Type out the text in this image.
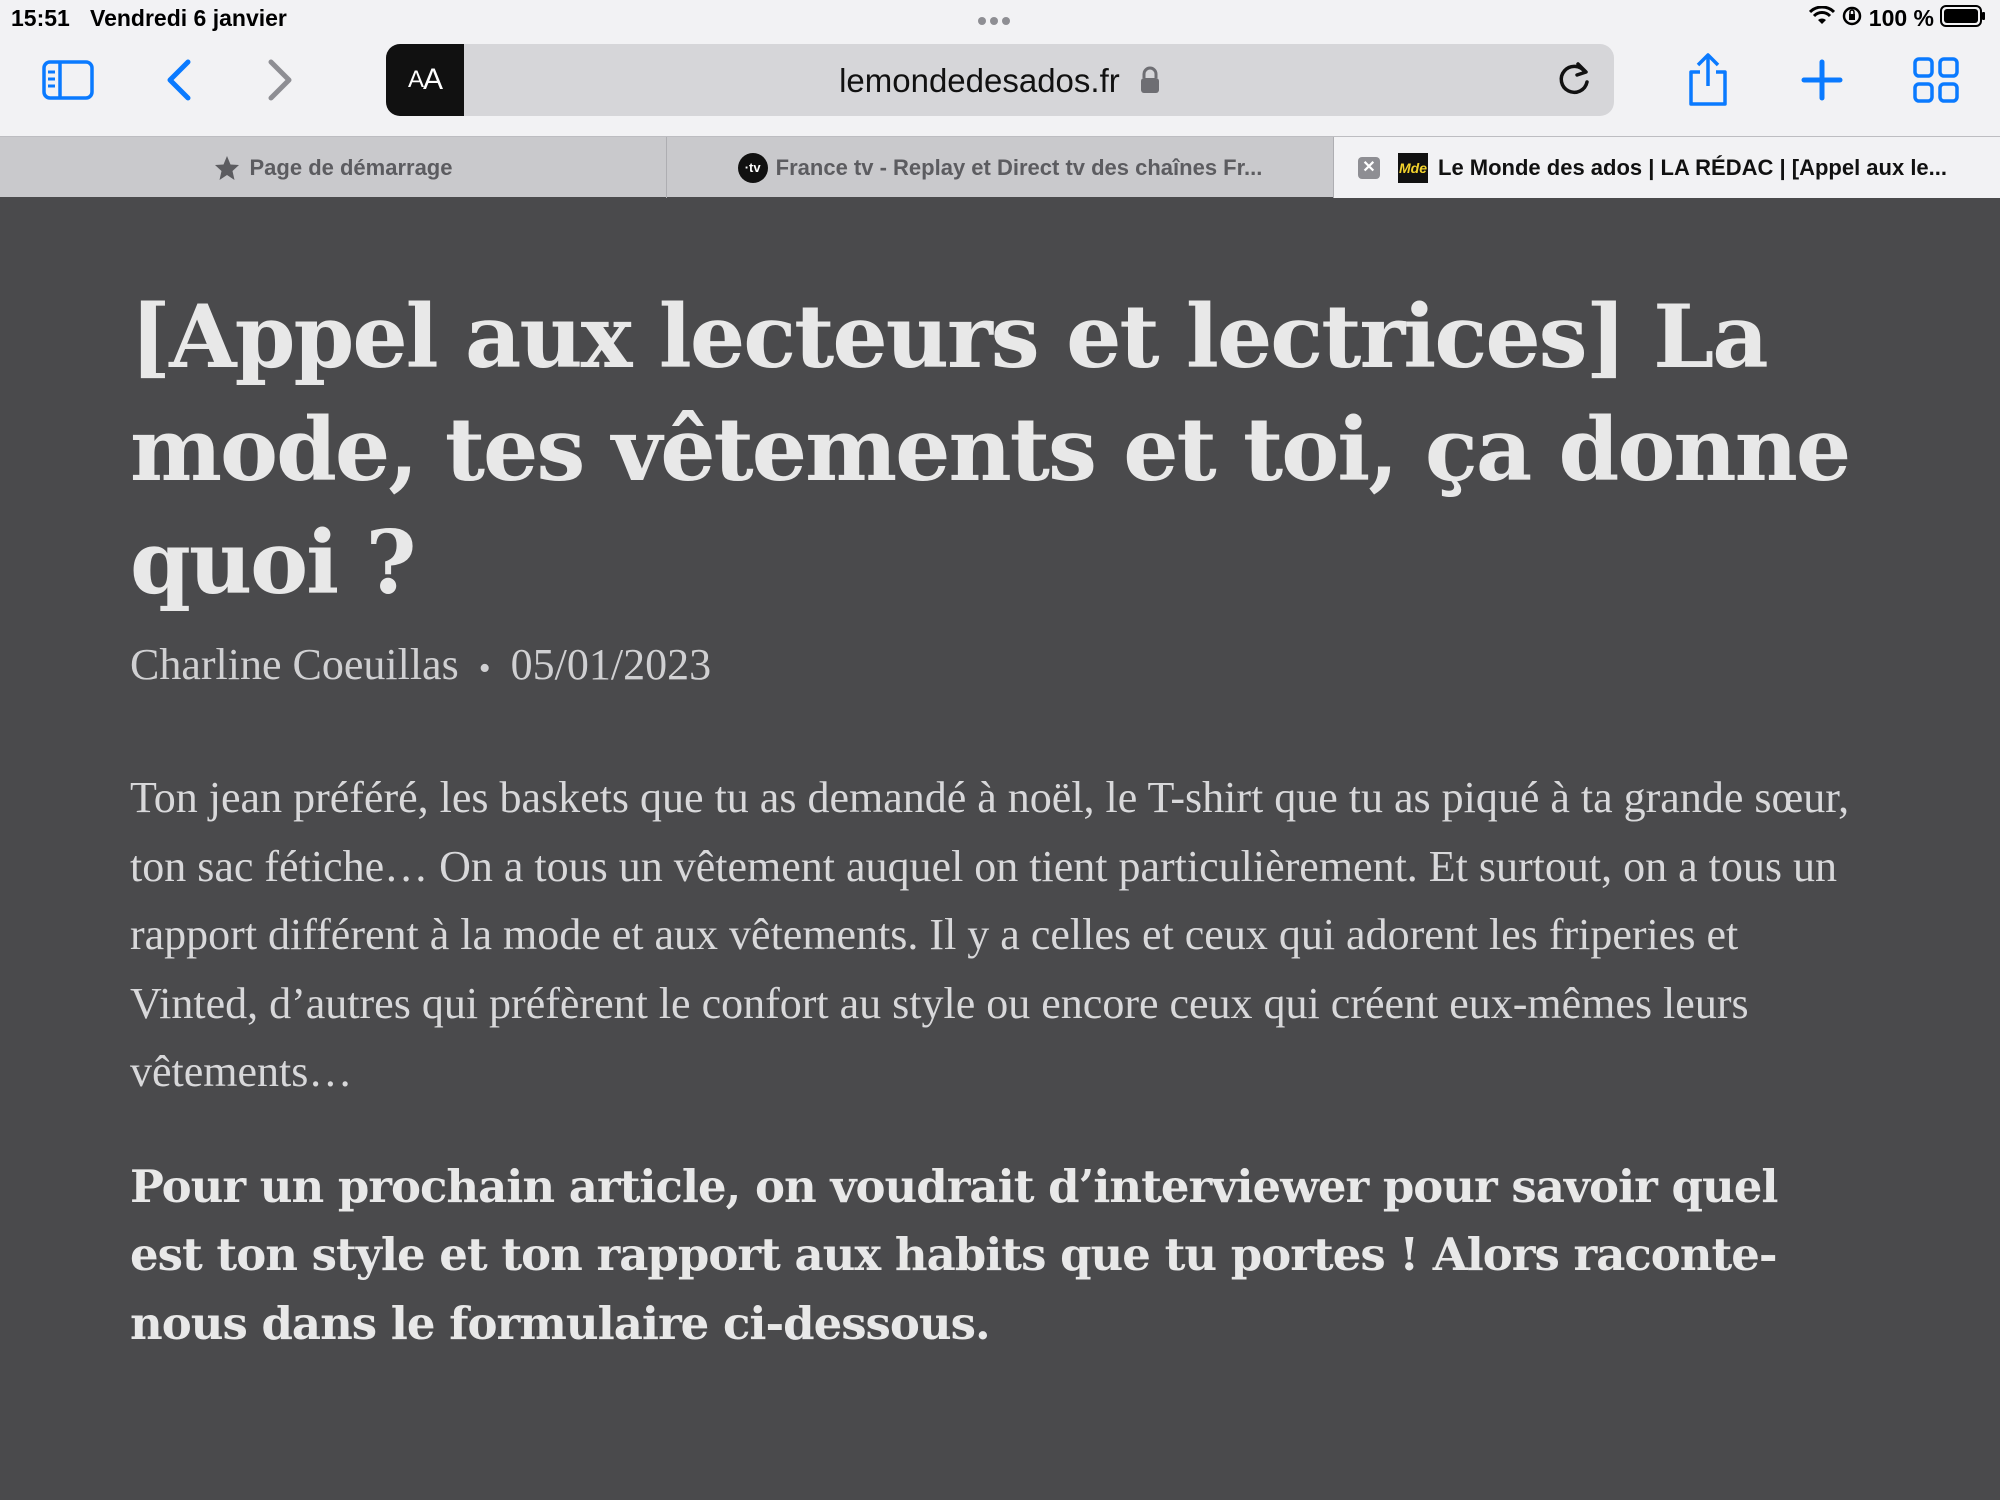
15:51 Vendredi 6 janvier	100 %
A A	lemondedesados.fr
Page de démarrage	·tv France tv - Replay et Direct tv des chaînes Fr...	✕	Mde Le Monde des ados | LA RÉDAC | [Appel aux le...
[Appel aux lecteurs et lectrices] La mode, tes vêtements et toi, ça donne quoi ?
Charline Coeuillas • 05/01/2023

Ton jean préféré, les baskets que tu as demandé à noël, le T-shirt que tu as piqué à ta grande sœur, ton sac fétiche… On a tous un vêtement auquel on tient particulièrement. Et surtout, on a tous un rapport différent à la mode et aux vêtements. Il y a celles et ceux qui adorent les friperies et Vinted, d’autres qui préfèrent le confort au style ou encore ceux qui créent eux-mêmes leurs vêtements…

Pour un prochain article, on voudrait d’interviewer pour savoir quel est ton style et ton rapport aux habits que tu portes ! Alors raconte-nous dans le formulaire ci-dessous.
